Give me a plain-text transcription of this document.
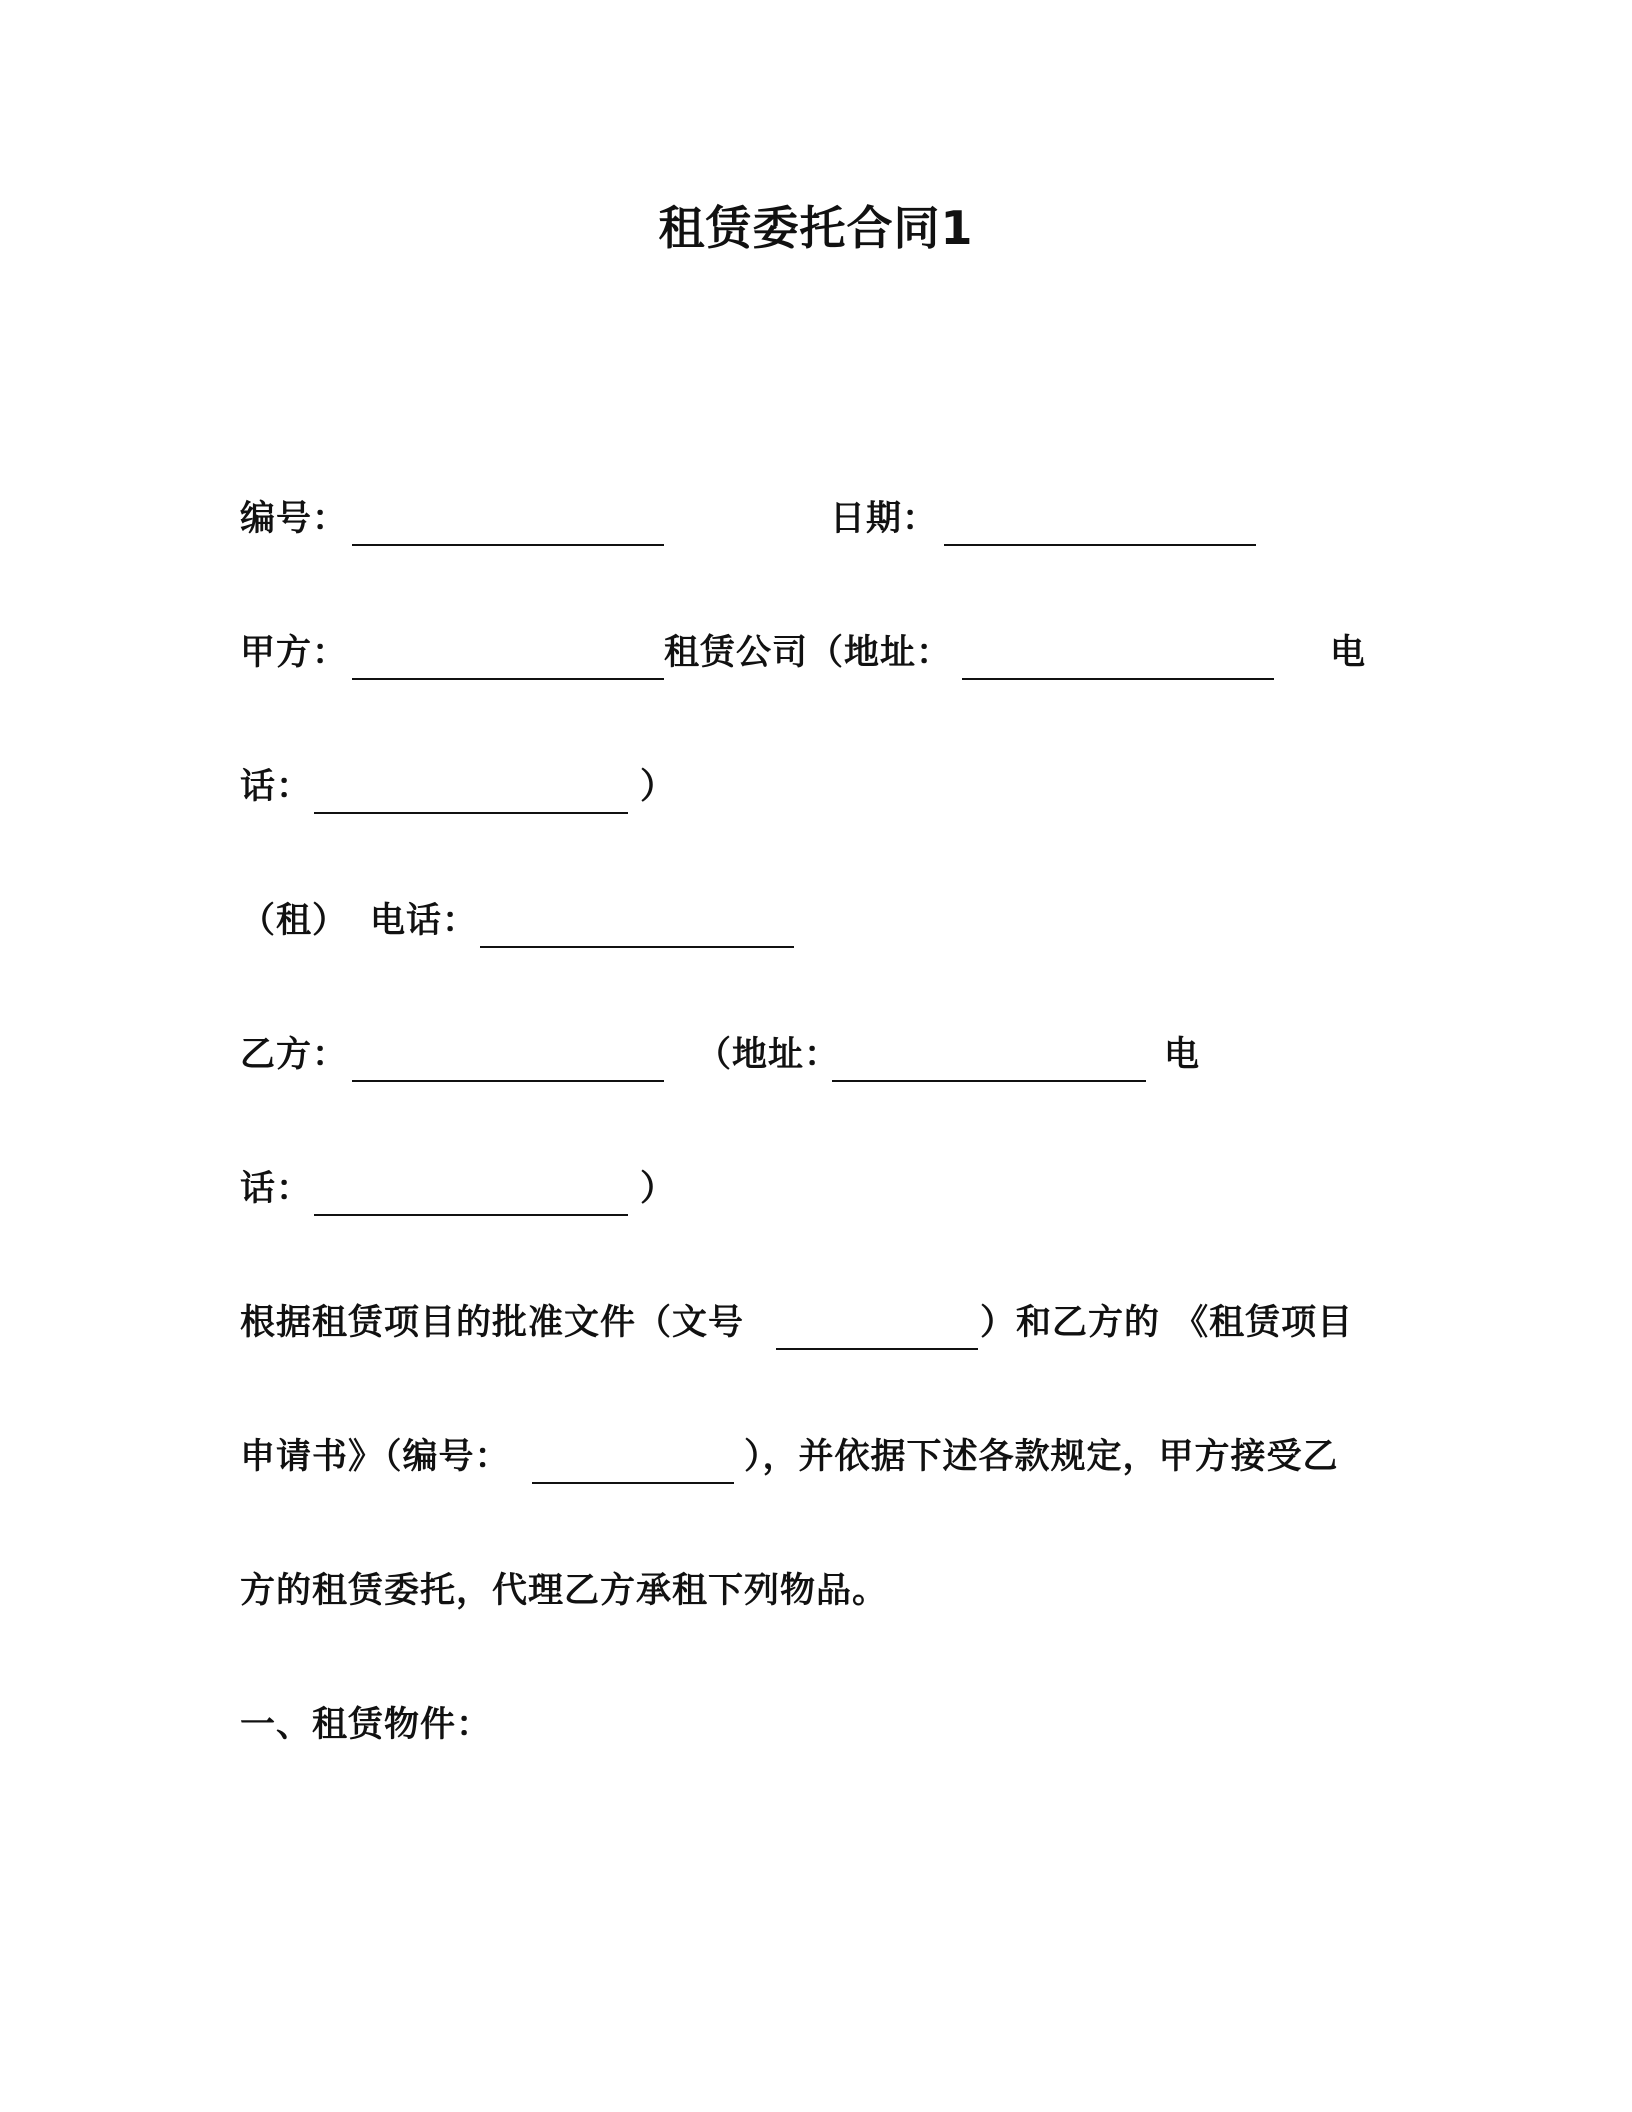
租赁委托合同1
编号：	日期：
甲方：	租赁公司（地址：	电
话：	）
（租） 电话：
乙方：	（地址：	电
话：	）
根据租赁项目的批准文件（文号	）和乙方的 《租赁项目
申请书》（编号：	），并依据下述各款规定，甲方接受乙
方的租赁委托，代理乙方承租下列物品。
一、租赁物件：
